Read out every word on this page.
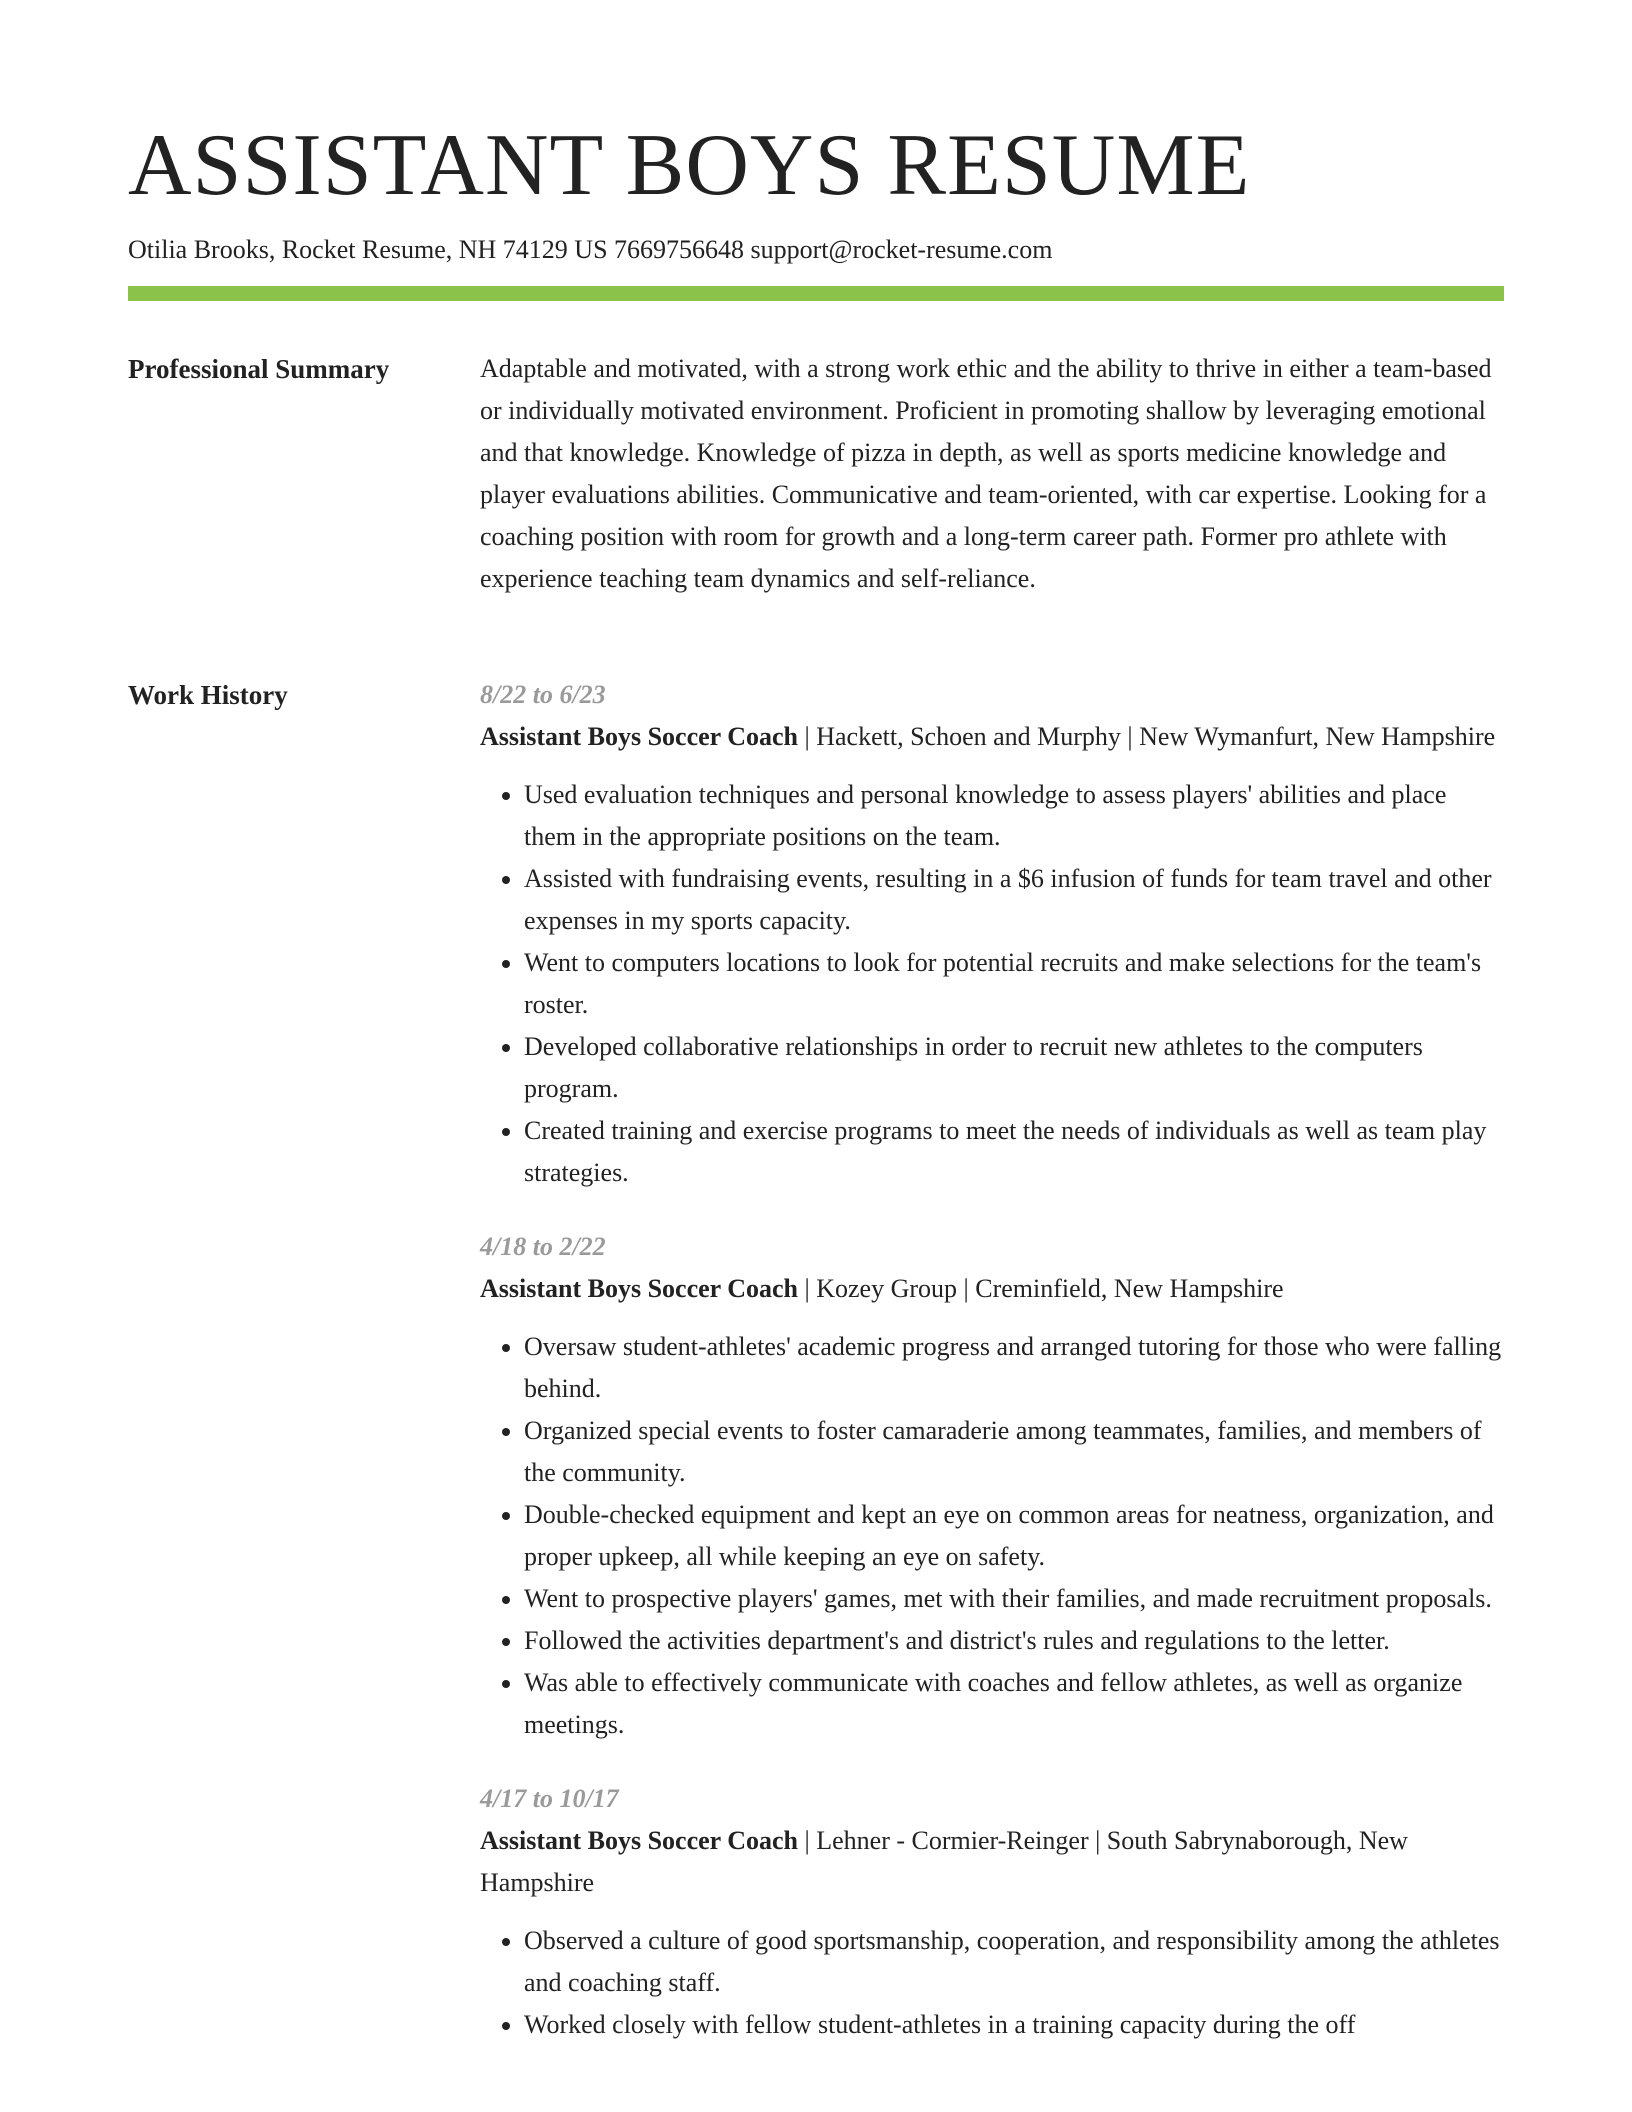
ASSISTANT BOYS RESUME
Otilia Brooks, Rocket Resume, NH 74129 US 7669756648 support@rocket-resume.com
Professional Summary	Adaptable and motivated, with a strong work ethic and the ability to thrive in either a team-based or individually motivated environment. Proficient in promoting shallow by leveraging emotional and that knowledge. Knowledge of pizza in depth, as well as sports medicine knowledge and player evaluations abilities. Communicative and team-oriented, with car expertise. Looking for a coaching position with room for growth and a long-term career path. Former pro athlete with experience teaching team dynamics and self-reliance.

Work History	8/22 to 6/23
Assistant Boys Soccer Coach | Hackett, Schoen and Murphy | New Wymanfurt, New Hampshire
• Used evaluation techniques and personal knowledge to assess players' abilities and place them in the appropriate positions on the team.
• Assisted with fundraising events, resulting in a $6 infusion of funds for team travel and other expenses in my sports capacity.
• Went to computers locations to look for potential recruits and make selections for the team's roster.
• Developed collaborative relationships in order to recruit new athletes to the computers program.
• Created training and exercise programs to meet the needs of individuals as well as team play strategies.
4/18 to 2/22
Assistant Boys Soccer Coach | Kozey Group | Creminfield, New Hampshire
• Oversaw student-athletes' academic progress and arranged tutoring for those who were falling behind.
• Organized special events to foster camaraderie among teammates, families, and members of the community.
• Double-checked equipment and kept an eye on common areas for neatness, organization, and proper upkeep, all while keeping an eye on safety.
• Went to prospective players' games, met with their families, and made recruitment proposals.
• Followed the activities department's and district's rules and regulations to the letter.
• Was able to effectively communicate with coaches and fellow athletes, as well as organize meetings.
4/17 to 10/17
Assistant Boys Soccer Coach | Lehner - Cormier-Reinger | South Sabrynaborough, New Hampshire
• Observed a culture of good sportsmanship, cooperation, and responsibility among the athletes and coaching staff.
• Worked closely with fellow student-athletes in a training capacity during the off
